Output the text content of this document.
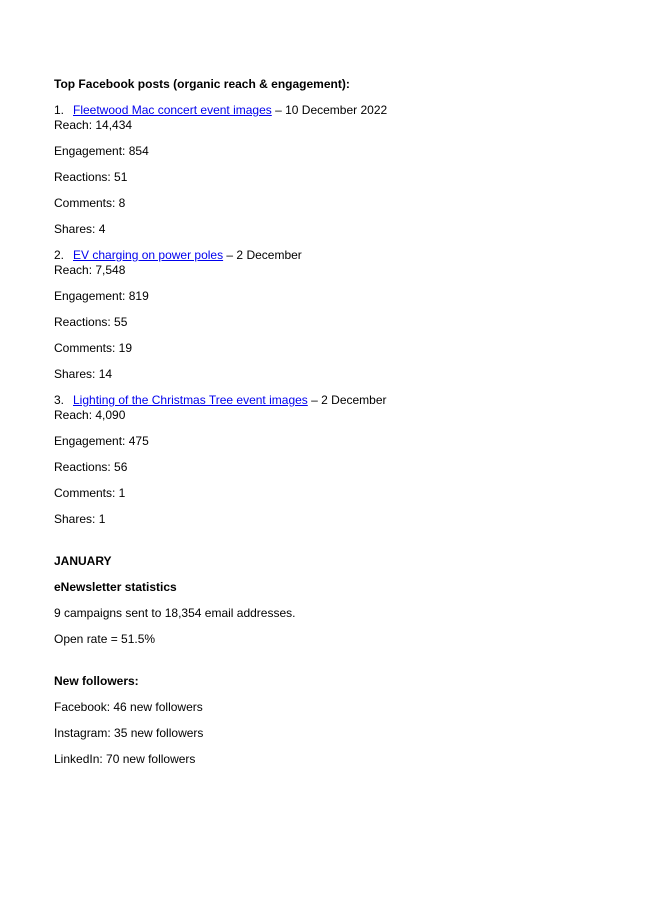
Top Facebook posts (organic reach & engagement):

1. Fleetwood Mac concert event images – 10 December 2022

Reach: 14,434

Engagement: 854

Reactions: 51

Comments: 8

Shares: 4

2. EV charging on power poles – 2 December

Reach: 7,548

Engagement: 819

Reactions: 55

Comments: 19

Shares: 14

3. Lighting of the Christmas Tree event images – 2 December

Reach: 4,090

Engagement: 475

Reactions: 56

Comments: 1

Shares: 1

JANUARY

eNewsletter statistics

9 campaigns sent to 18,354 email addresses.

Open rate = 51.5%

New followers:

Facebook: 46 new followers

Instagram: 35 new followers

LinkedIn: 70 new followers
